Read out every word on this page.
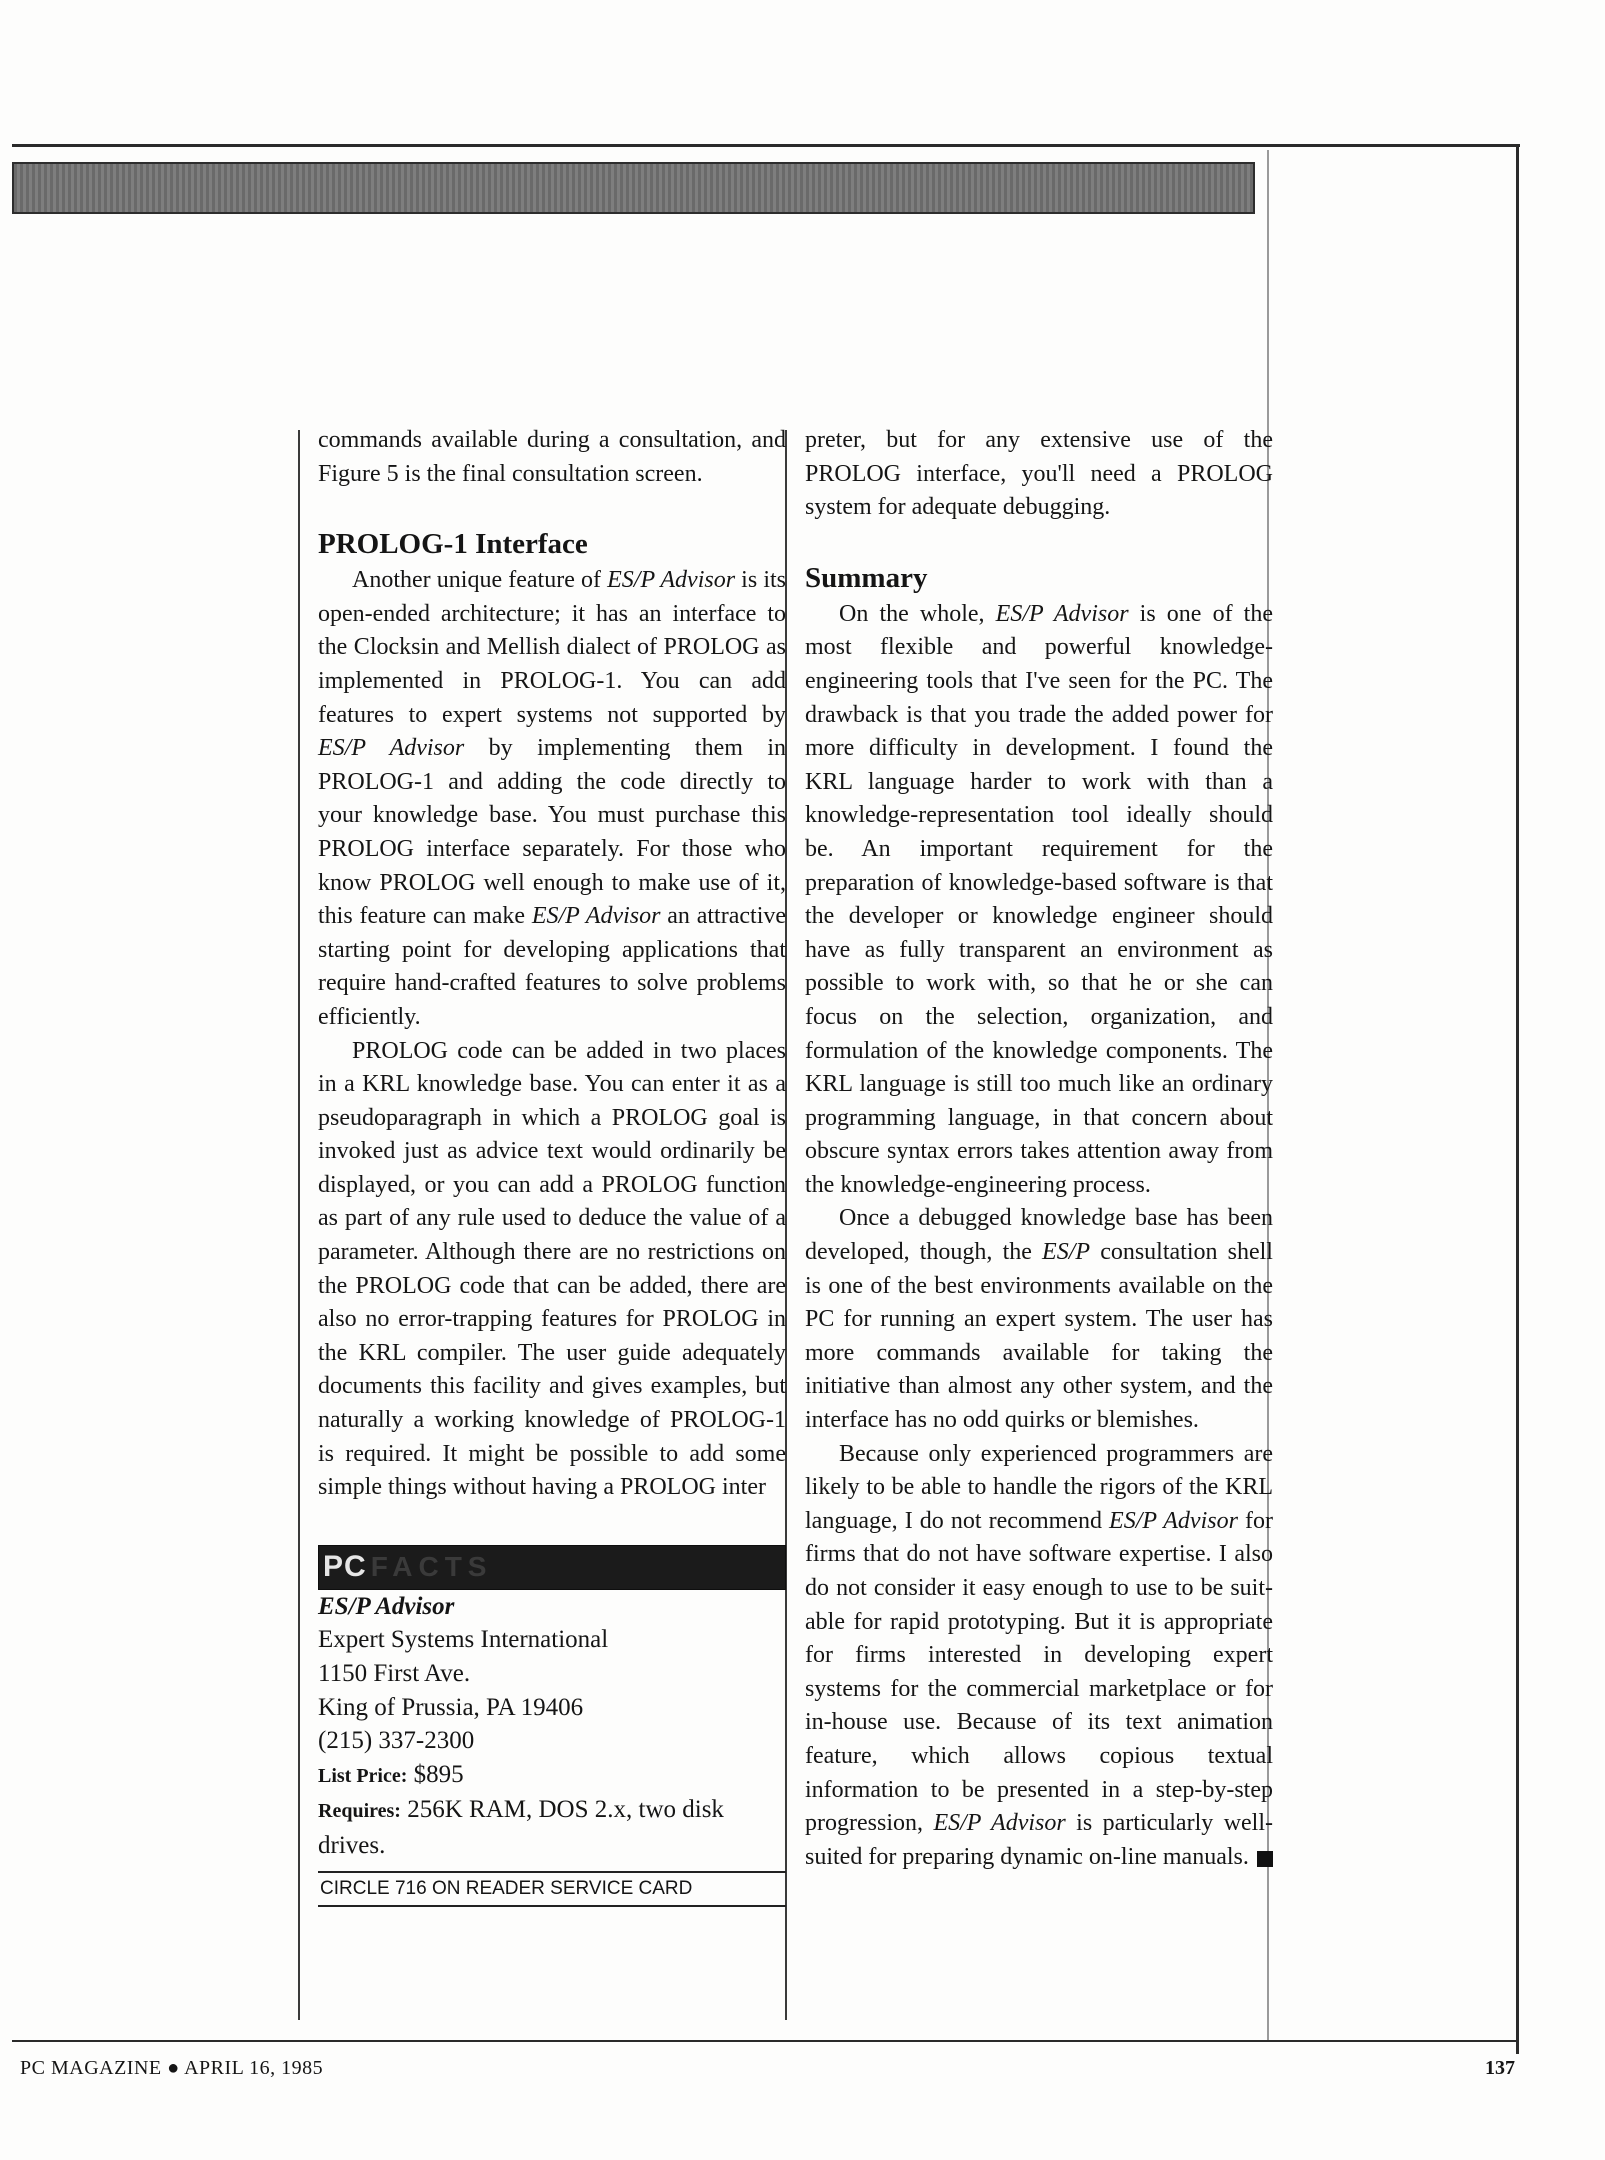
commands available during a consultation, and Figure 5 is the final consultation screen.

PROLOG-1 Interface

Another unique feature of ES/P Advisor is its open-ended architecture; it has an interface to the Clocksin and Mellish dialect of PROLOG as implemented in PROLOG-1. You can add features to expert systems not supported by ES/P Advisor by implementing them in PROLOG-1 and adding the code directly to your knowledge base. You must purchase this PROLOG interface separately. For those who know PROLOG well enough to make use of it, this feature can make ES/P Advisor an attractive starting point for developing applications that require hand-crafted features to solve problems efficiently.

PROLOG code can be added in two places in a KRL knowledge base. You can enter it as a pseudoparagraph in which a PROLOG goal is invoked just as advice text would ordinarily be displayed, or you can add a PROLOG function as part of any rule used to deduce the value of a parameter. Although there are no restrictions on the PROLOG code that can be added, there are also no error-trapping features for PROLOG in the KRL compiler. The user guide adequately documents this facility and gives examples, but naturally a working knowledge of PROLOG-1 is required. It might be possible to add some simple things without having a PROLOG inter

PC FACTS
ES/P Advisor
Expert Systems International
1150 First Ave.
King of Prussia, PA 19406
(215) 337-2300
List Price: $895
Requires: 256K RAM, DOS 2.x, two disk drives.
CIRCLE 716 ON READER SERVICE CARD

preter, but for any extensive use of the PROLOG interface, you'll need a PROLOG system for adequate debugging.

Summary

On the whole, ES/P Advisor is one of the most flexible and powerful knowledge-engineering tools that I've seen for the PC. The drawback is that you trade the added power for more difficulty in development. I found the KRL language harder to work with than a knowledge-representation tool ideally should be. An important requirement for the preparation of knowledge-based software is that the developer or knowledge engineer should have as fully transparent an environment as possible to work with, so that he or she can focus on the selection, organization, and formulation of the knowledge components. The KRL language is still too much like an ordinary programming language, in that concern about obscure syntax errors takes attention away from the knowledge-engineering process.

Once a debugged knowledge base has been developed, though, the ES/P consultation shell is one of the best environments available on the PC for running an expert system. The user has more commands available for taking the initiative than almost any other system, and the interface has no odd quirks or blemishes.

Because only experienced programmers are likely to be able to handle the rigors of the KRL language, I do not recommend ES/P Advisor for firms that do not have software expertise. I also do not consider it easy enough to use to be suitable for rapid prototyping. But it is appropriate for firms interested in developing expert systems for the commercial marketplace or for in-house use. Because of its text animation feature, which allows copious textual information to be presented in a step-by-step progression, ES/P Advisor is particularly well-suited for preparing dynamic on-line manuals.

PC MAGAZINE ● APRIL 16, 1985	137
